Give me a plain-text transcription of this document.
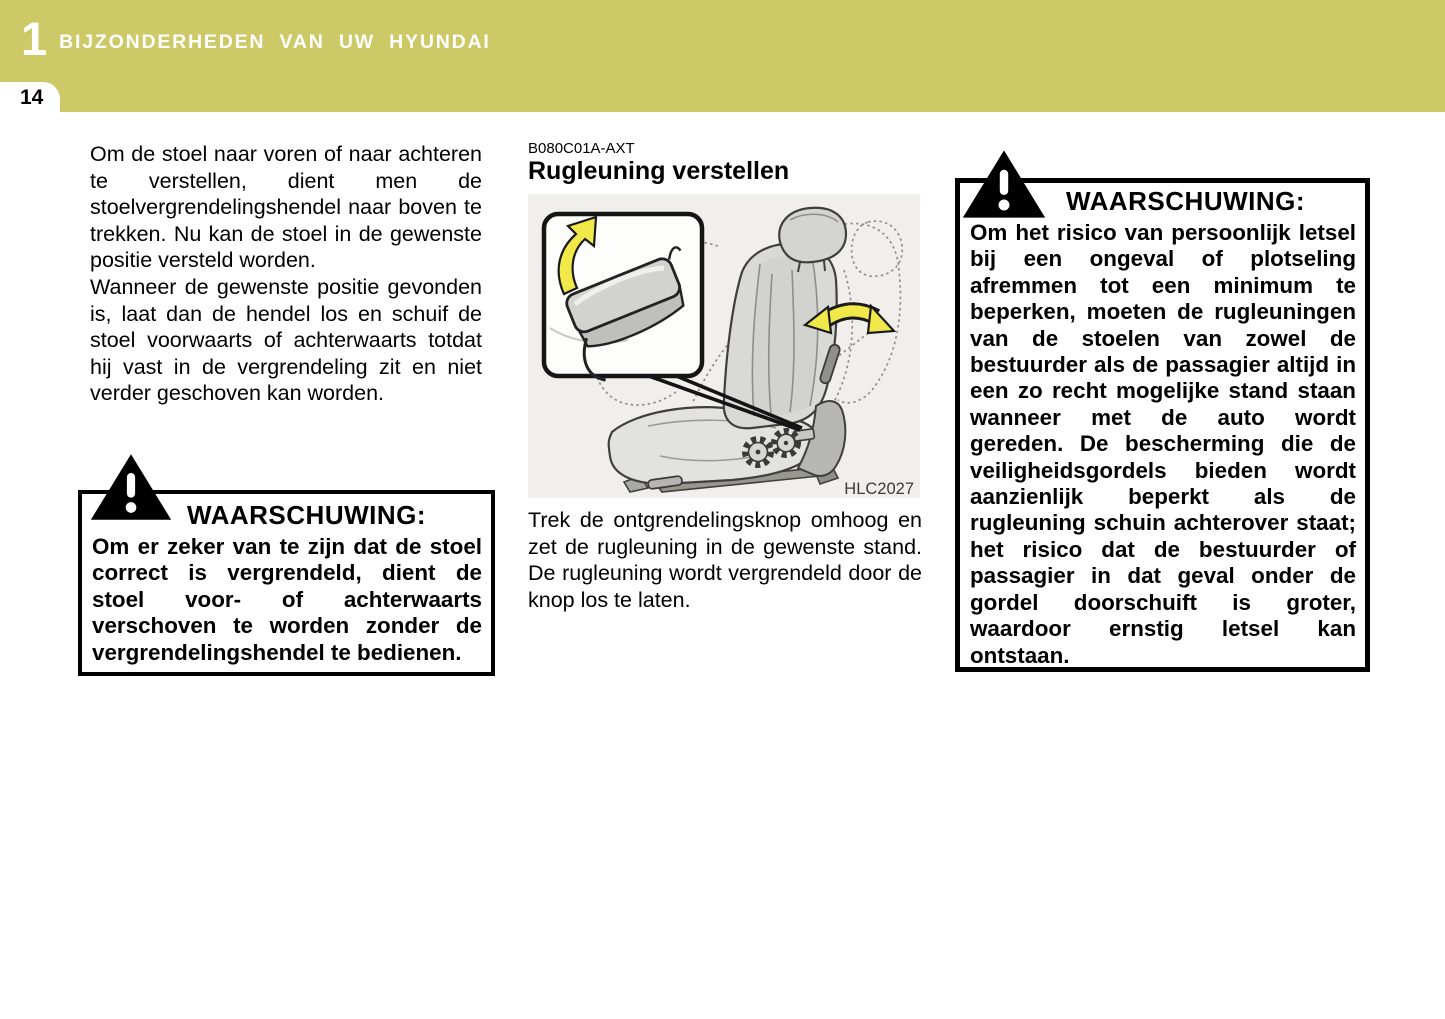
1 BIJZONDERHEDEN VAN UW HYUNDAI
14

Om de stoel naar voren of naar achteren te verstellen, dient men de stoelvergrendelingshendel naar boven te trekken. Nu kan de stoel in de gewenste positie versteld worden.

Wanneer de gewenste positie gevonden is, laat dan de hendel los en schuif de stoel voorwaarts of achterwaarts totdat hij vast in de vergrendeling zit en niet verder geschoven kan worden.

WAARSCHUWING:
Om er zeker van te zijn dat de stoel correct is vergrendeld, dient de stoel voor- of achterwaarts verschoven te worden zonder de vergrendelingshendel te bedienen.
B080C01A-AXT
Rugleuning verstellen
HLC2027

Trek de ontgrendelingsknop omhoog en zet de rugleuning in de gewenste stand. De rugleuning wordt vergrendeld door de knop los te laten.

WAARSCHUWING:
Om het risico van persoonlijk letsel bij een ongeval of plotseling afremmen tot een minimum te beperken, moeten de rugleuningen van de stoelen van zowel de bestuurder als de passagier altijd in een zo recht mogelijke stand staan wanneer met de auto wordt gereden. De bescherming die de veiligheidsgordels bieden wordt aanzienlijk beperkt als de rugleuning schuin achterover staat; het risico dat de bestuurder of passagier in dat geval onder de gordel doorschuift is groter, waardoor ernstig letsel kan ontstaan.
